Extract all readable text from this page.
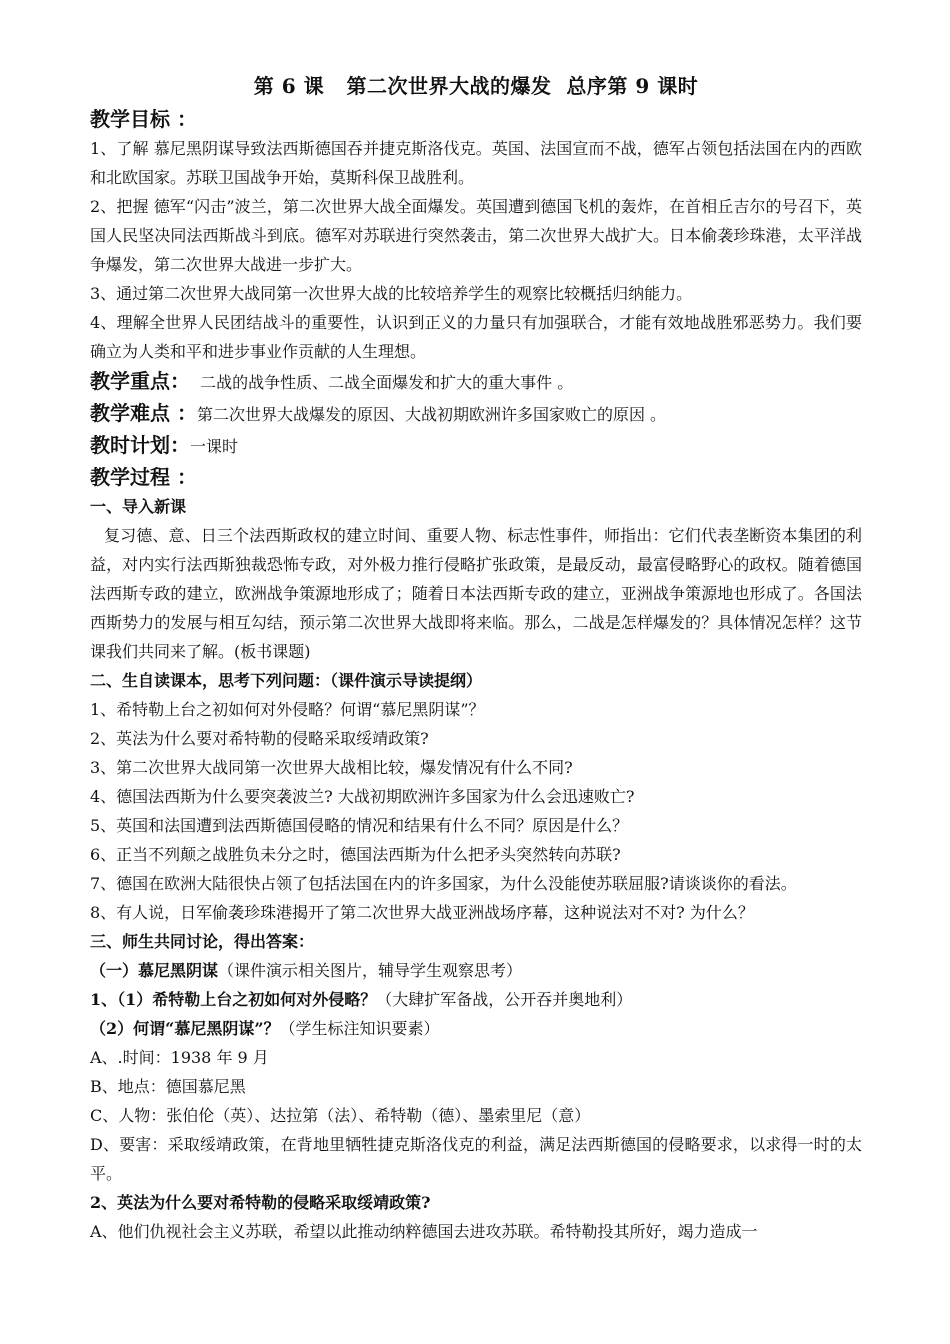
第 6 课   第二次世界大战的爆发  总序第 9 课时
教学目标 ：
1、了解 慕尼黑阴谋导致法西斯德国吞并捷克斯洛伐克。英国、法国宣而不战，德军占领包括法国在内的西欧和北欧国家。苏联卫国战争开始，莫斯科保卫战胜利。
2、把握 德军“闪击”波兰，第二次世界大战全面爆发。英国遭到德国飞机的轰炸，在首相丘吉尔的号召下，英国人民坚决同法西斯战斗到底。德军对苏联进行突然袭击，第二次世界大战扩大。日本偷袭珍珠港，太平洋战争爆发，第二次世界大战进一步扩大。
3、通过第二次世界大战同第一次世界大战的比较培养学生的观察比较概括归纳能力。
4、理解全世界人民团结战斗的重要性，认识到正义的力量只有加强联合，才能有效地战胜邪恶势力。我们要确立为人类和平和进步事业作贡献的人生理想。
教学重点：  二战的战争性质、二战全面爆发和扩大的重大事件 。
教学难点 ：第二次世界大战爆发的原因、大战初期欧洲许多国家败亡的原因 。
教时计划：一课时
教学过程 ：
一、导入新课
复习德、意、日三个法西斯政权的建立时间、重要人物、标志性事件，师指出：它们代表垄断资本集团的利益，对内实行法西斯独裁恐怖专政，对外极力推行侵略扩张政策，是最反动，最富侵略野心的政权。随着德国法西斯专政的建立，欧洲战争策源地形成了；随着日本法西斯专政的建立，亚洲战争策源地也形成了。各国法西斯势力的发展与相互勾结，预示第二次世界大战即将来临。那么，二战是怎样爆发的？具体情况怎样？这节课我们共同来了解。(板书课题)
二、生自读课本，思考下列问题：（课件演示导读提纲）
1、希特勒上台之初如何对外侵略？何谓“慕尼黑阴谋”？
2、英法为什么要对希特勒的侵略采取绥靖政策?
3、第二次世界大战同第一次世界大战相比较，爆发情况有什么不同?
4、德国法西斯为什么要突袭波兰? 大战初期欧洲许多国家为什么会迅速败亡?
5、英国和法国遭到法西斯德国侵略的情况和结果有什么不同？原因是什么？
6、正当不列颠之战胜负未分之时，德国法西斯为什么把矛头突然转向苏联?
7、德国在欧洲大陆很快占领了包括法国在内的许多国家，为什么没能使苏联屈服?请谈谈你的看法。
8、有人说，日军偷袭珍珠港揭开了第二次世界大战亚洲战场序幕，这种说法对不对? 为什么？
三、师生共同讨论，得出答案：
（一）慕尼黑阴谋（课件演示相关图片，辅导学生观察思考）
1、（1）希特勒上台之初如何对外侵略？（大肆扩军备战，公开吞并奥地利）
（2）何谓“慕尼黑阴谋”？（学生标注知识要素）
A、.时间：1938 年 9 月
B、地点：德国慕尼黑
C、人物：张伯伦（英）、达拉第（法）、希特勒（德）、墨索里尼（意）
D、要害：采取绥靖政策，在背地里牺牲捷克斯洛伐克的利益，满足法西斯德国的侵略要求，以求得一时的太平。
2、英法为什么要对希特勒的侵略采取绥靖政策?
A、他们仇视社会主义苏联，希望以此推动纳粹德国去进攻苏联。希特勒投其所好，竭力造成一
